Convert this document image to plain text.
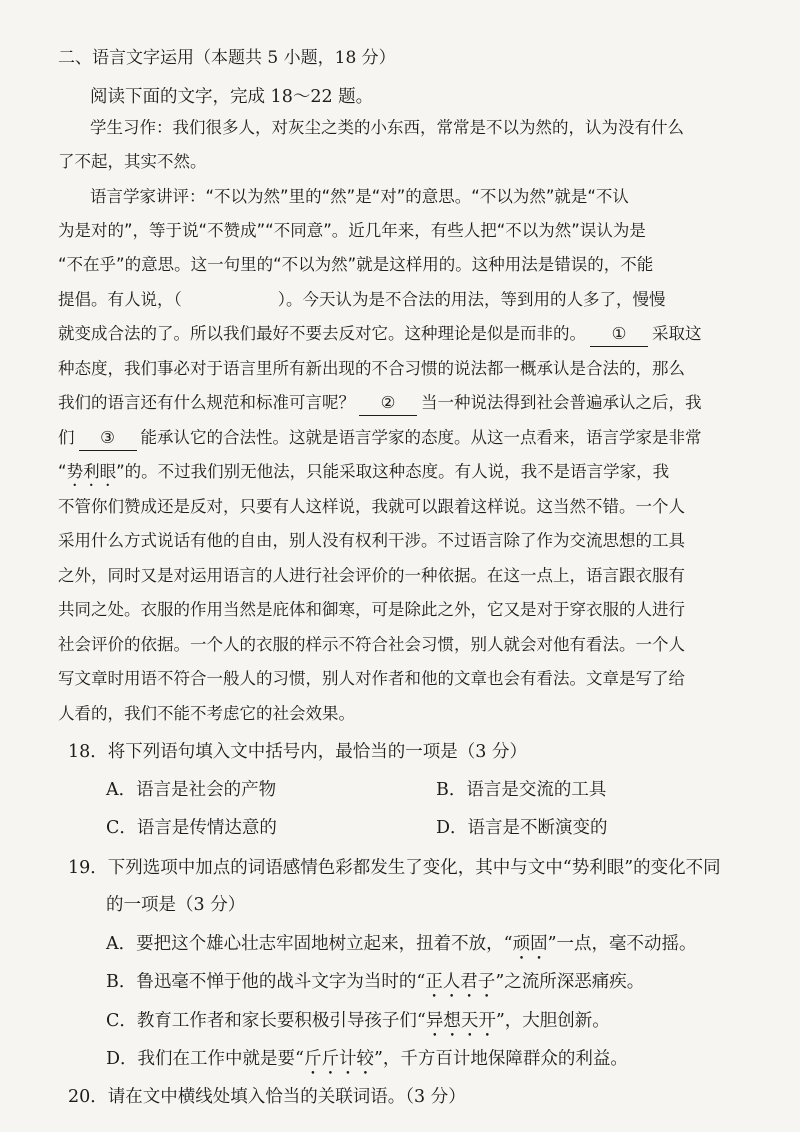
二、语言文字运用（本题共 5 小题，18 分）
阅读下面的文字，完成 18～22 题。
学生习作：我们很多人，对灰尘之类的小东西，常常是不以为然的，认为没有什么
了不起，其实不然。
语言学家讲评：“不以为然”里的“然”是“对”的意思。“不以为然”就是“不认
为是对的”，等于说“不赞成”“不同意”。近几年来，有些人把“不以为然”误认为是
“不在乎”的意思。这一句里的“不以为然”就是这样用的。这种用法是错误的，不能
提倡。有人说，（	）。今天认为是不合法的用法，等到用的人多了，慢慢
就变成合法的了。所以我们最好不要去反对它。这种理论是似是而非的。 ① 采取这
种态度，我们事必对于语言里所有新出现的不合习惯的说法都一概承认是合法的，那么
我们的语言还有什么规范和标准可言呢？ ② 当一种说法得到社会普遍承认之后，我
们 ③ 能承认它的合法性。这就是语言学家的态度。从这一点看来，语言学家是非常
“势利眼”的。不过我们别无他法，只能采取这种态度。有人说，我不是语言学家，我
不管你们赞成还是反对，只要有人这样说，我就可以跟着这样说。这当然不错。一个人
采用什么方式说话有他的自由，别人没有权利干涉。不过语言除了作为交流思想的工具
之外，同时又是对运用语言的人进行社会评价的一种依据。在这一点上，语言跟衣服有
共同之处。衣服的作用当然是庇体和御寒，可是除此之外，它又是对于穿衣服的人进行
社会评价的依据。一个人的衣服的样示不符合社会习惯，别人就会对他有看法。一个人
写文章时用语不符合一般人的习惯，别人对作者和他的文章也会有看法。文章是写了给
人看的，我们不能不考虑它的社会效果。
18．将下列语句填入文中括号内，最恰当的一项是（3 分）
A．语言是社会的产物	B．语言是交流的工具
C．语言是传情达意的	D．语言是不断演变的
19．下列选项中加点的词语感情色彩都发生了变化，其中与文中“势利眼”的变化不同
的一项是（3 分）
A．要把这个雄心壮志牢固地树立起来，扭着不放，“顽固”一点，毫不动摇。
B．鲁迅毫不惮于他的战斗文字为当时的“正人君子”之流所深恶痛疾。
C．教育工作者和家长要积极引导孩子们“异想天开”，大胆创新。
D．我们在工作中就是要“斤斤计较”，千方百计地保障群众的利益。
20．请在文中横线处填入恰当的关联词语。（3 分）
